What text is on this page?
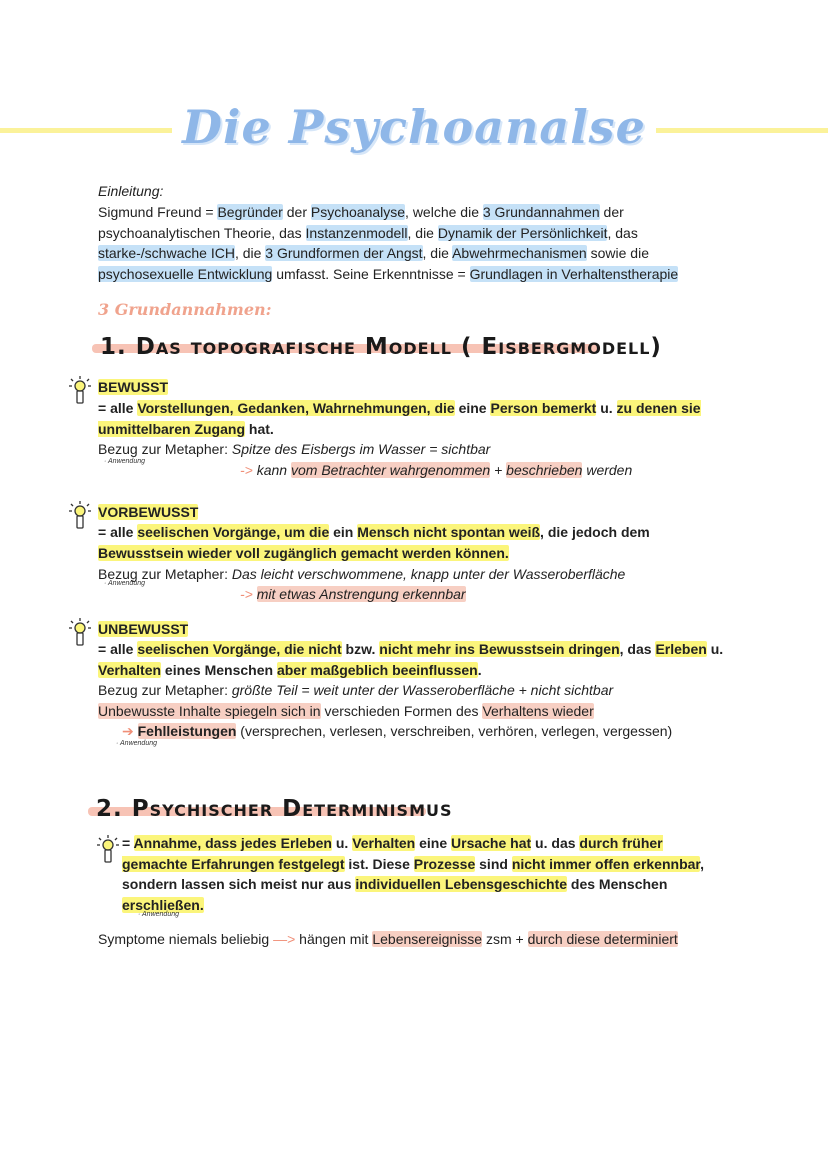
Die Psychoanalse
Einleitung:
Sigmund Freund = Begründer der Psychoanalyse, welche die 3 Grundannahmen der psychoanalytischen Theorie, das Instanzenmodell, die Dynamik der Persönlichkeit, das starke-/schwache ICH, die 3 Grundformen der Angst, die Abwehrmechanismen sowie die psychosexuelle Entwicklung umfasst. Seine Erkenntnisse = Grundlagen in Verhaltenstherapie
3 Grundannahmen:
1. Das topografische Modell ( Eisbergmodell)
BEWUSST
= alle Vorstellungen, Gedanken, Wahrnehmungen, die eine Person bemerkt u. zu denen sie unmittelbaren Zugang hat.
Bezug zur Metapher: Spitze des Eisbergs im Wasser = sichtbar
· Anwendung
-> kann vom Betrachter wahrgenommen + beschrieben werden
VORBEWUSST
= alle seelischen Vorgänge, um die ein Mensch nicht spontan weiß, die jedoch dem Bewusstsein wieder voll zugänglich gemacht werden können.
Bezug zur Metapher: Das leicht verschwommene, knapp unter der Wasseroberfläche
· Anwendung
-> mit etwas Anstrengung erkennbar
UNBEWUSST
= alle seelischen Vorgänge, die nicht bzw. nicht mehr ins Bewusstsein dringen, das Erleben u. Verhalten eines Menschen aber maßgeblich beeinflussen.
Bezug zur Metapher: größte Teil = weit unter der Wasseroberfläche + nicht sichtbar
Unbewusste Inhalte spiegeln sich in verschieden Formen des Verhaltens wieder
➔ Fehlleistungen (versprechen, verlesen, verschreiben, verhören, verlegen, vergessen)
· Anwendung
2. Psychischer Determinismus
= Annahme, dass jedes Erleben u. Verhalten eine Ursache hat u. das durch früher gemachte Erfahrungen festgelegt ist. Diese Prozesse sind nicht immer offen erkennbar, sondern lassen sich meist nur aus individuellen Lebensgeschichte des Menschen erschließen.
· Anwendung
Symptome niemals beliebig —> hängen mit Lebensereignisse zsm + durch diese determiniert
